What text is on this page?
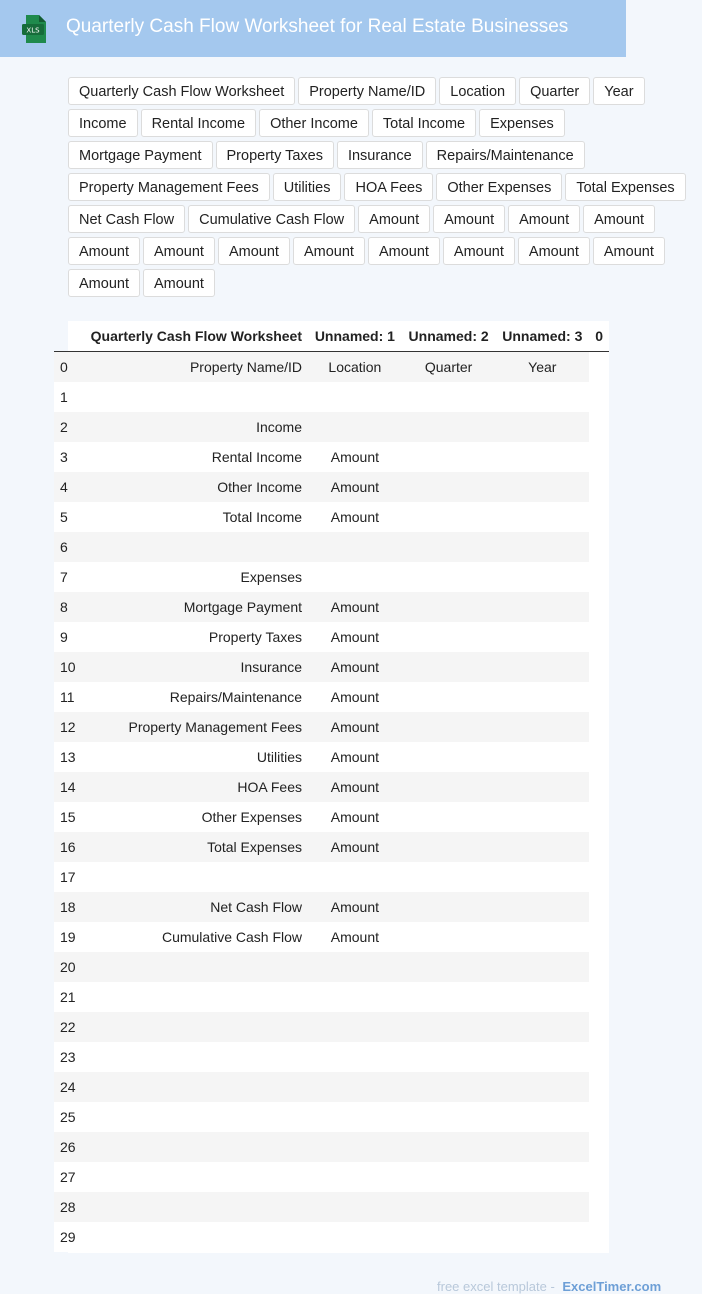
XLS Quarterly Cash Flow Worksheet for Real Estate Businesses
Quarterly Cash Flow Worksheet	Property Name/ID	Location	Quarter	Year
Income	Rental Income	Other Income	Total Income	Expenses
Mortgage Payment	Property Taxes	Insurance	Repairs/Maintenance
Property Management Fees	Utilities	HOA Fees	Other Expenses	Total Expenses
Net Cash Flow	Cumulative Cash Flow	Amount	Amount	Amount	Amount
Amount	Amount	Amount	Amount	Amount	Amount	Amount	Amount
Amount	Amount
	Quarterly Cash Flow Worksheet	Unnamed: 1	Unnamed: 2	Unnamed: 3	0
0	Property Name/ID	Location	Quarter	Year	
1					
2	Income				
3	Rental Income	Amount			
4	Other Income	Amount			
5	Total Income	Amount			
6					
7	Expenses				
8	Mortgage Payment	Amount			
9	Property Taxes	Amount			
10	Insurance	Amount			
11	Repairs/Maintenance	Amount			
12	Property Management Fees	Amount			
13	Utilities	Amount			
14	HOA Fees	Amount			
15	Other Expenses	Amount			
16	Total Expenses	Amount			
17					
18	Net Cash Flow	Amount			
19	Cumulative Cash Flow	Amount			
20					
21					
22					
23					
24					
25					
26					
27					
28					
29					
free excel template - ExcelTimer.com
